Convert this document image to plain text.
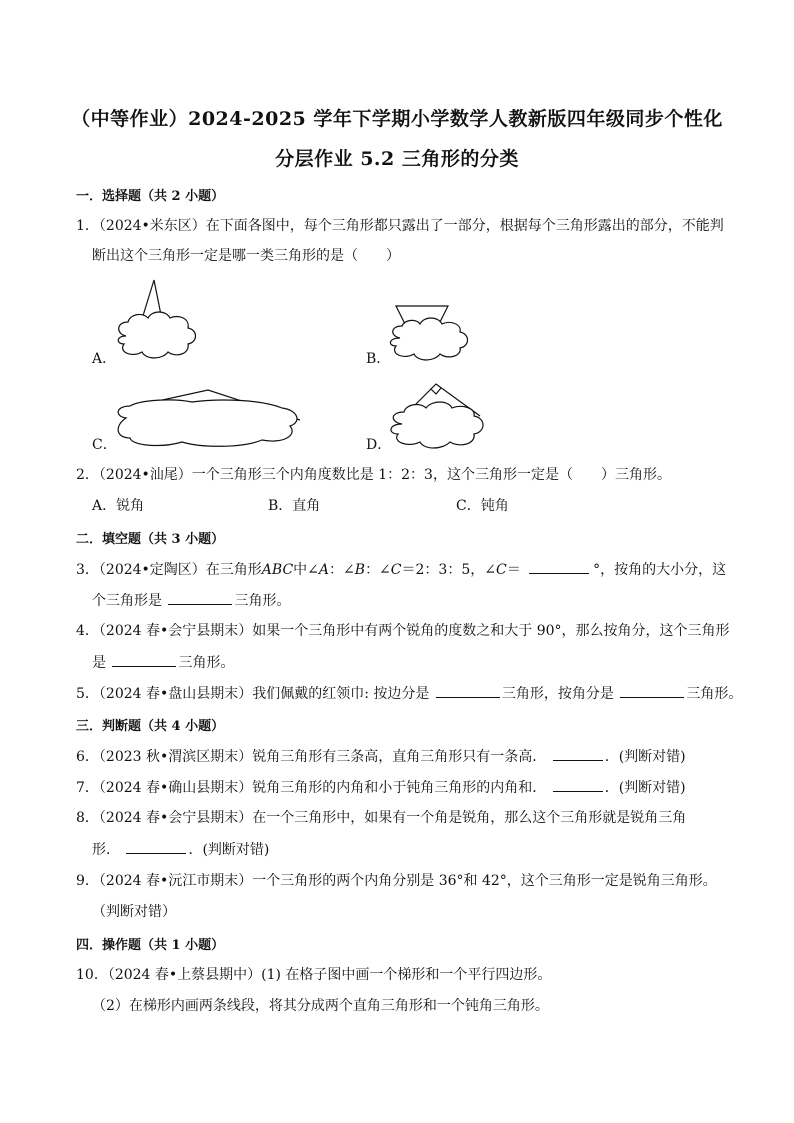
（中等作业）2024-2025 学年下学期小学数学人教新版四年级同步个性化
分层作业 5.2 三角形的分类
一．选择题（共 2 小题）
1．（2024•米东区）在下面各图中，每个三角形都只露出了一部分，根据每个三角形露出的部分，不能判
断出这个三角形一定是哪一类三角形的是（　　）
A．	B．
C．	D．
2．（2024•汕尾）一个三角形三个内角度数比是 1：2：3，这个三角形一定是（　　）三角形。
A．锐角	B．直角	C．钝角
二．填空题（共 3 小题）
3．（2024•定陶区）在三角形ABC中∠A：∠B：∠C＝2：3：5，∠C＝	°，按角的大小分，这
个三角形是	三角形。
4．（2024 春•会宁县期末）如果一个三角形中有两个锐角的度数之和大于 90°，那么按角分，这个三角形
是	三角形。
5．（2024 春•盘山县期末）我们佩戴的红领巾: 按边分是	三角形，按角分是	三角形。
三．判断题（共 4 小题）
6．（2023 秋•渭滨区期末）锐角三角形有三条高，直角三角形只有一条高．	．(判断对错)
7．（2024 春•确山县期末）锐角三角形的内角和小于钝角三角形的内角和．	．(判断对错)
8．（2024 春•会宁县期末）在一个三角形中，如果有一个角是锐角，那么这个三角形就是锐角三角
形．	．(判断对错)
9．（2024 春•沅江市期末）一个三角形的两个内角分别是 36°和 42°，这个三角形一定是锐角三角形。
（判断对错）
四．操作题（共 1 小题）
10．（2024 春•上蔡县期中）(1) 在格子图中画一个梯形和一个平行四边形。
（2）在梯形内画两条线段，将其分成两个直角三角形和一个钝角三角形。
